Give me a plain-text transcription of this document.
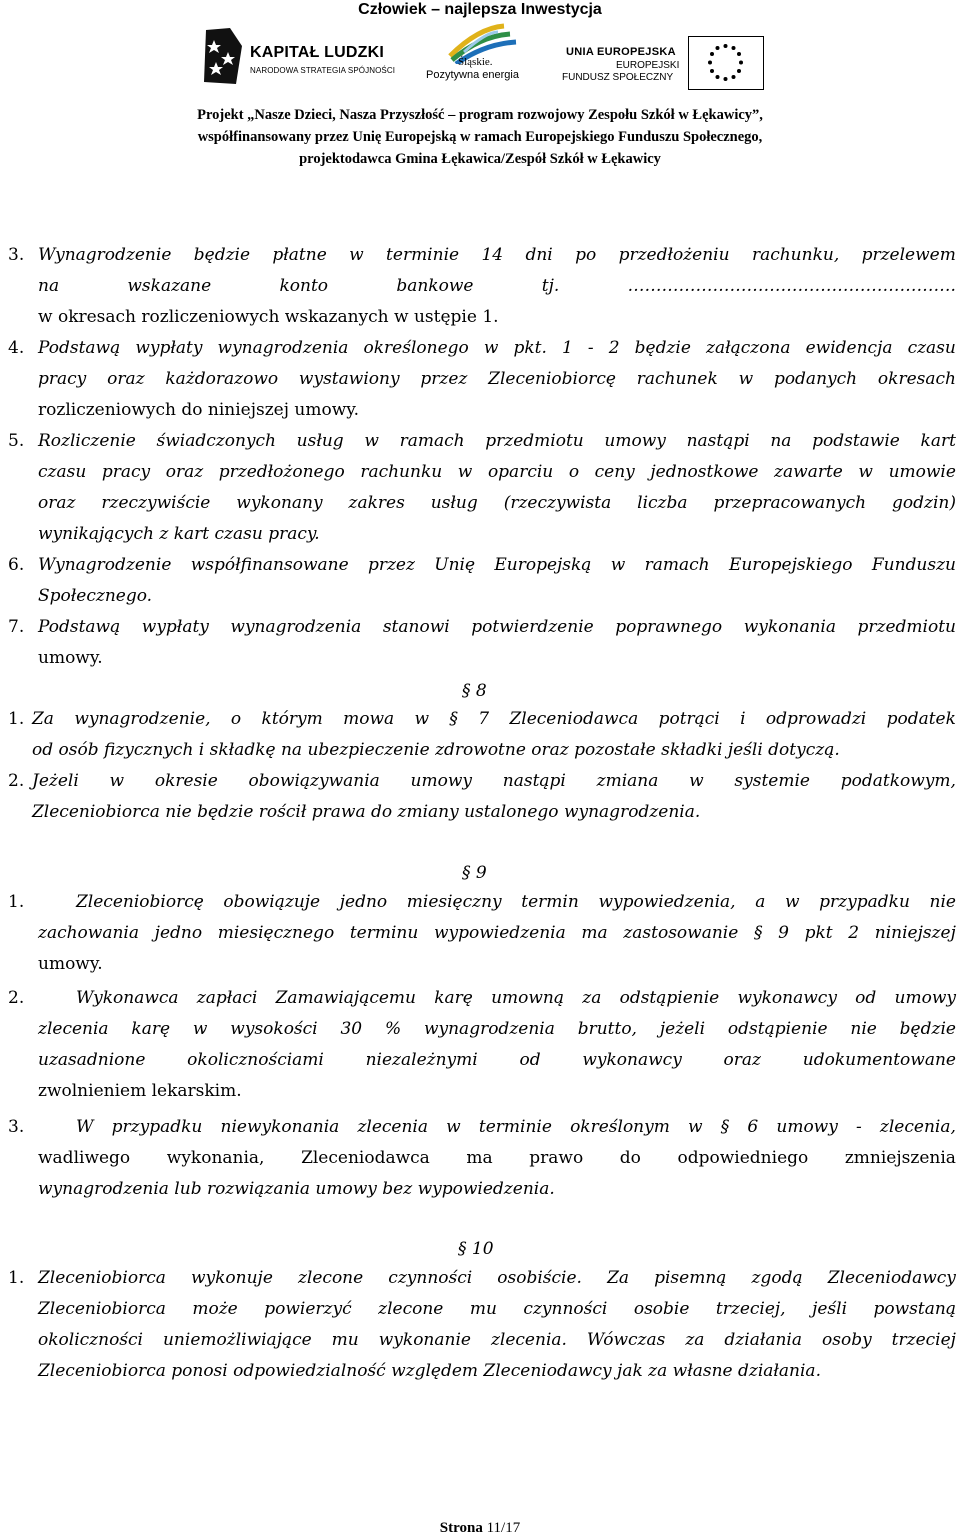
Człowiek – najlepsza Inwestycja
KAPITAŁ LUDZKI
NARODOWA STRATEGIA SPÓJNOŚCI
Śląskie.
Pozytywna energia
UNIA EUROPEJSKA
EUROPEJSKI
FUNDUSZ SPOŁECZNY
Projekt „Nasze Dzieci, Nasza Przyszłość – program rozwojowy Zespołu Szkół w Łękawicy”,
współfinansowany przez Unię Europejską w ramach Europejskiego Funduszu Społecznego,
projektodawca Gmina Łękawica/Zespół Szkół w Łękawicy
3. Wynagrodzenie będzie płatne w terminie 14 dni po przedłożeniu rachunku, przelewem
na	wskazane	konto	bankowe	tj.	………………………………………………….
w okresach rozliczeniowych wskazanych w ustępie 1.
4. Podstawą wypłaty wynagrodzenia określonego w pkt. 1 - 2 będzie załączona ewidencja czasu
pracy oraz każdorazowo wystawiony przez Zleceniobiorcę rachunek w podanych okresach
rozliczeniowych do niniejszej umowy.
5. Rozliczenie świadczonych usług w ramach przedmiotu umowy nastąpi na podstawie kart
czasu pracy oraz przedłożonego rachunku w oparciu o ceny jednostkowe zawarte w umowie
oraz rzeczywiście wykonany zakres usług (rzeczywista liczba przepracowanych godzin)
wynikających z kart czasu pracy.
6. Wynagrodzenie współfinansowane przez Unię Europejską w ramach Europejskiego Funduszu
Społecznego.
7. Podstawą wypłaty wynagrodzenia stanowi potwierdzenie poprawnego wykonania przedmiotu
umowy.
§ 8
1. Za wynagrodzenie, o którym mowa w § 7 Zleceniodawca potrąci i odprowadzi podatek
od osób fizycznych i składkę na ubezpieczenie zdrowotne oraz pozostałe składki jeśli dotyczą.
2. Jeżeli w okresie obowiązywania umowy nastąpi zmiana w systemie podatkowym,
Zleceniobiorca nie będzie rościł prawa do zmiany ustalonego wynagrodzenia.
§ 9
1.	Zleceniobiorcę obowiązuje jedno miesięczny termin wypowiedzenia, a w przypadku nie
zachowania jedno miesięcznego terminu wypowiedzenia ma zastosowanie § 9 pkt 2 niniejszej
umowy.
2.	Wykonawca zapłaci Zamawiającemu karę umowną za odstąpienie wykonawcy od umowy
zlecenia karę w wysokości 30 % wynagrodzenia brutto, jeżeli odstąpienie nie będzie
uzasadnione okolicznościami niezależnymi od wykonawcy oraz udokumentowane
zwolnieniem lekarskim.
3.	W przypadku niewykonania zlecenia w terminie określonym w § 6 umowy - zlecenia,
wadliwego wykonania, Zleceniodawca ma prawo do odpowiedniego zmniejszenia
wynagrodzenia lub rozwiązania umowy bez wypowiedzenia.
§ 10
1. Zleceniobiorca wykonuje zlecone czynności osobiście. Za pisemną zgodą Zleceniodawcy
Zleceniobiorca może powierzyć zlecone mu czynności osobie trzeciej, jeśli powstaną
okoliczności uniemożliwiające mu wykonanie zlecenia. Wówczas za działania osoby trzeciej
Zleceniobiorca ponosi odpowiedzialność względem Zleceniodawcy jak za własne działania.
Strona 11/17
